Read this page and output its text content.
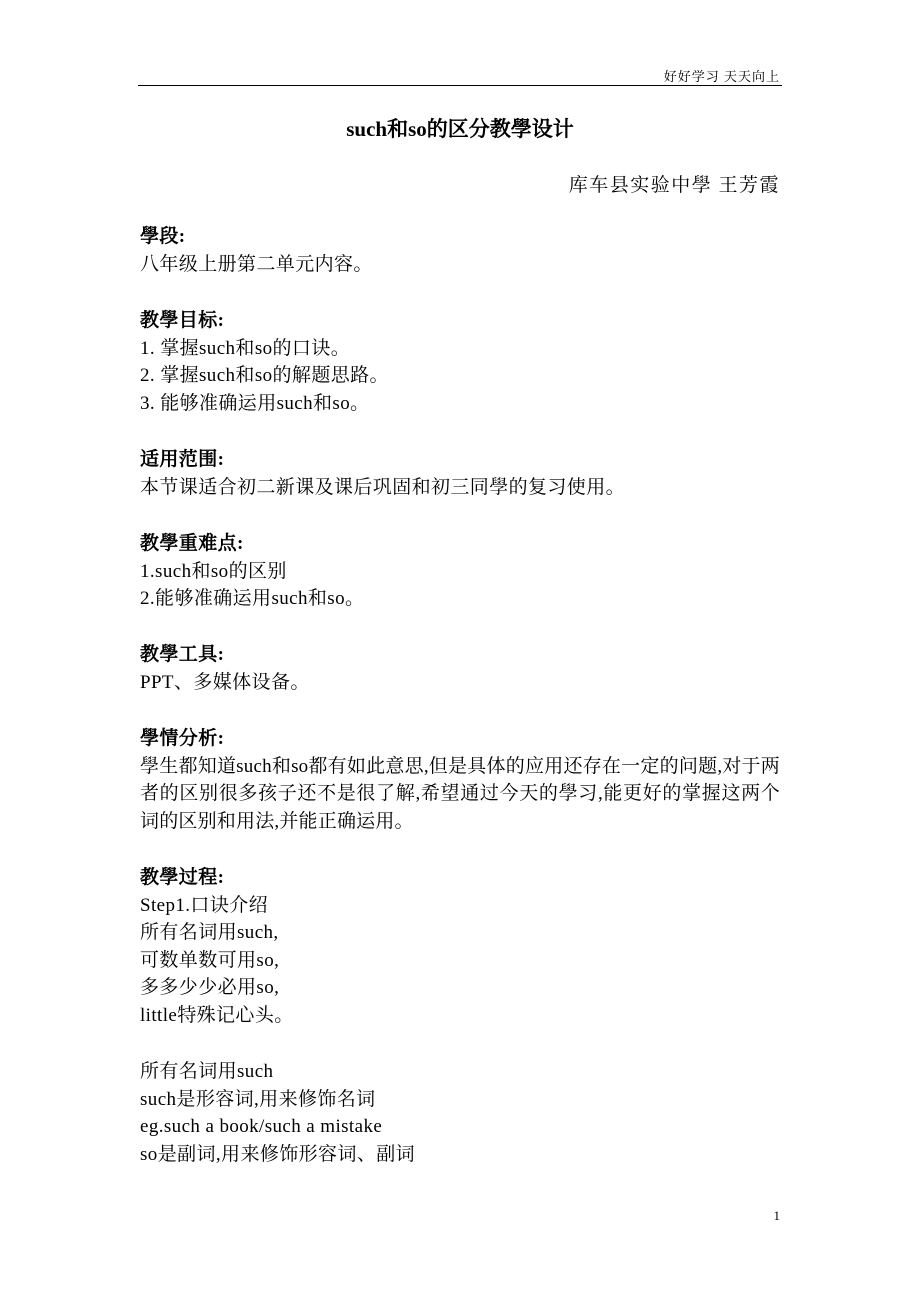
好好学习 天天向上
such和so的区分教學设计
库车县实验中學 王芳霞
學段:
八年级上册第二单元内容。
教學目标:
1. 掌握such和so的口诀。
2. 掌握such和so的解题思路。
3. 能够准确运用such和so。
适用范围:
本节课适合初二新课及课后巩固和初三同學的复习使用。
教學重难点:
1.such和so的区别
2.能够准确运用such和so。
教學工具:
PPT、多媒体设备。
學情分析:
學生都知道such和so都有如此意思,但是具体的应用还存在一定的问题,对于两者的区别很多孩子还不是很了解,希望通过今天的學习,能更好的掌握这两个词的区别和用法,并能正确运用。
教學过程:
Step1.口诀介绍
所有名词用such,
可数单数可用so,
多多少少必用so,
little特殊记心头。
所有名词用such
such是形容词,用来修饰名词
eg.such a book/such a mistake
so是副词,用来修饰形容词、副词
1
